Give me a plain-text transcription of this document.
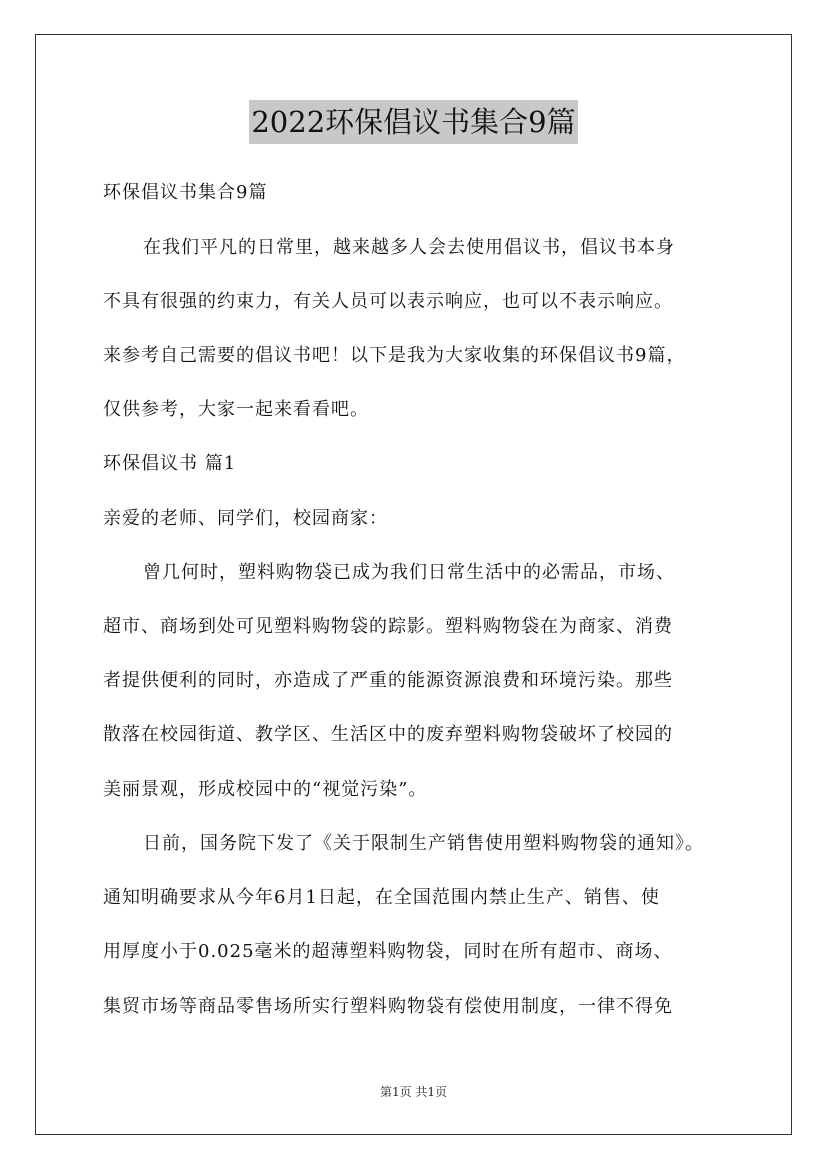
2022环保倡议书集合9篇
环保倡议书集合9篇
在我们平凡的日常里，越来越多人会去使用倡议书，倡议书本身
不具有很强的约束力，有关人员可以表示响应，也可以不表示响应。
来参考自己需要的倡议书吧！以下是我为大家收集的环保倡议书9篇，
仅供参考，大家一起来看看吧。
环保倡议书 篇1
亲爱的老师、同学们，校园商家：
曾几何时，塑料购物袋已成为我们日常生活中的必需品，市场、
超市、商场到处可见塑料购物袋的踪影。塑料购物袋在为商家、消费
者提供便利的同时，亦造成了严重的能源资源浪费和环境污染。那些
散落在校园街道、教学区、生活区中的废弃塑料购物袋破坏了校园的
美丽景观，形成校园中的“视觉污染”。
日前，国务院下发了《关于限制生产销售使用塑料购物袋的通知》。
通知明确要求从今年6月1日起，在全国范围内禁止生产、销售、使
用厚度小于0.025毫米的超薄塑料购物袋，同时在所有超市、商场、
集贸市场等商品零售场所实行塑料购物袋有偿使用制度，一律不得免
第1页 共1页
